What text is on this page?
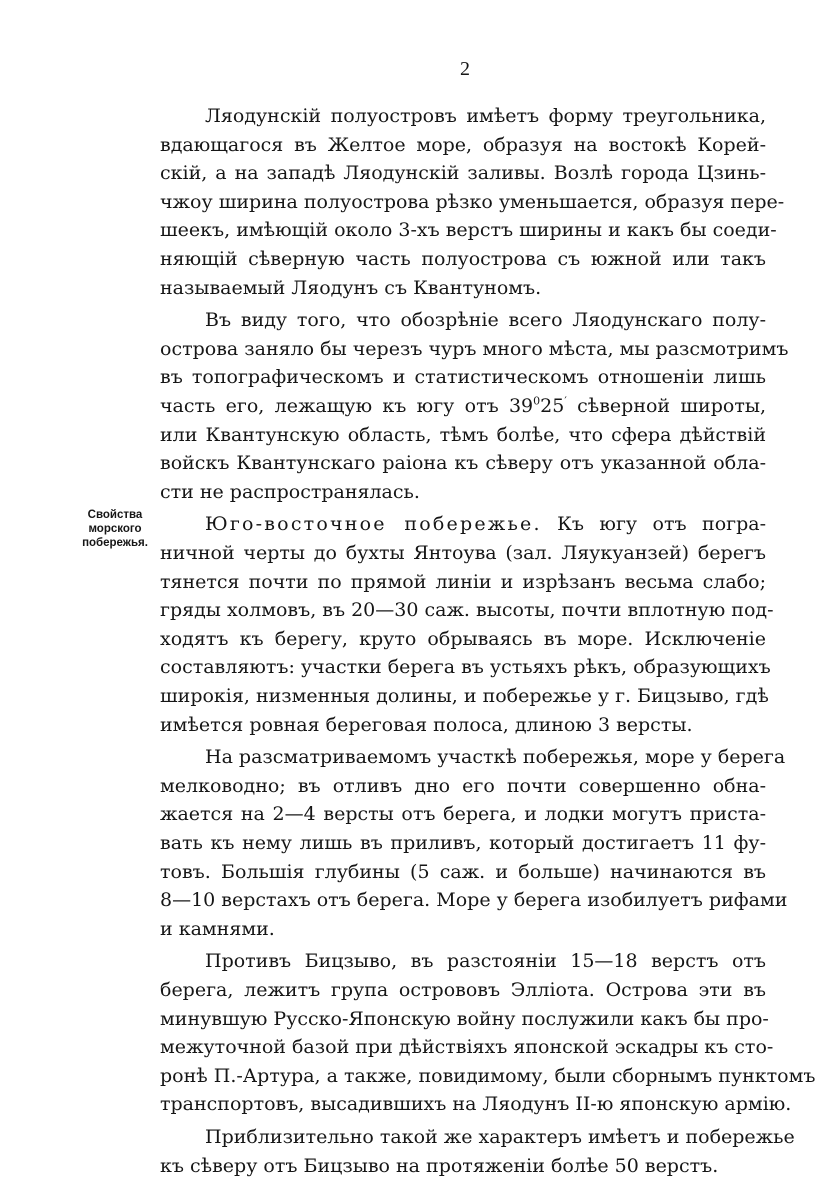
2
Свойства
морского
побережья.
Ляодунскій полуостровъ имѣетъ форму треугольника,
вдающагося въ Желтое море, образуя на востокѣ Корей-
скій, а на западѣ Ляодунскій заливы. Возлѣ города Цзинь-
чжоу ширина полуострова рѣзко уменьшается, образуя пере-
шеекъ, имѣющій около 3-хъ верстъ ширины и какъ бы соеди-
няющій сѣверную часть полуострова съ южной или такъ
называемый Ляодунъ съ Квантуномъ.
Въ виду того, что обозрѣніе всего Ляодунскаго полу-
острова заняло бы черезъ чуръ много мѣста, мы разсмотримъ
въ топографическомъ и статистическомъ отношеніи лишь
часть его, лежащую къ югу отъ $39^025'$ сѣверной широты,
или Квантунскую область, тѣмъ болѣе, что сфера дѣйствій
войскъ Квантунскаго раіона къ сѣверу отъ указанной обла-
сти не распространялась.
Юго-восточное побережье. Къ югу отъ погра-
ничной черты до бухты Янтоува (зал. Ляукуанзей) берегъ
тянется почти по прямой линіи и изрѣзанъ весьма слабо;
гряды холмовъ, въ 20—30 саж. высоты, почти вплотную под-
ходятъ къ берегу, круто обрываясь въ море. Исключеніе
составляютъ: участки берега въ устьяхъ рѣкъ, образующихъ
широкія, низменныя долины, и побережье у г. Бицзыво, гдѣ
имѣется ровная береговая полоса, длиною 3 версты.
На разсматриваемомъ участкѣ побережья, море у берега
мелководно; въ отливъ дно его почти совершенно обна-
жается на 2—4 версты отъ берега, и лодки могутъ приста-
вать къ нему лишь въ приливъ, который достигаетъ 11 фу-
товъ. Большія глубины (5 саж. и больше) начинаются въ
8—10 верстахъ отъ берега. Море у берега изобилуетъ рифами
и камнями.
Противъ Бицзыво, въ разстояніи 15—18 верстъ отъ
берега, лежитъ група острововъ Эллiота. Острова эти въ
минувшую Русско-Японскую войну послужили какъ бы про-
межуточной базой при дѣйствіяхъ японской эскадры къ сто-
ронѣ П.-Артура, а также, повидимому, были сборнымъ пунктомъ
транспортовъ, высадившихъ на Ляодунъ II-ю японскую армію.
Приблизительно такой же характеръ имѣетъ и побережье
къ сѣверу отъ Бицзыво на протяженіи болѣе 50 верстъ.
